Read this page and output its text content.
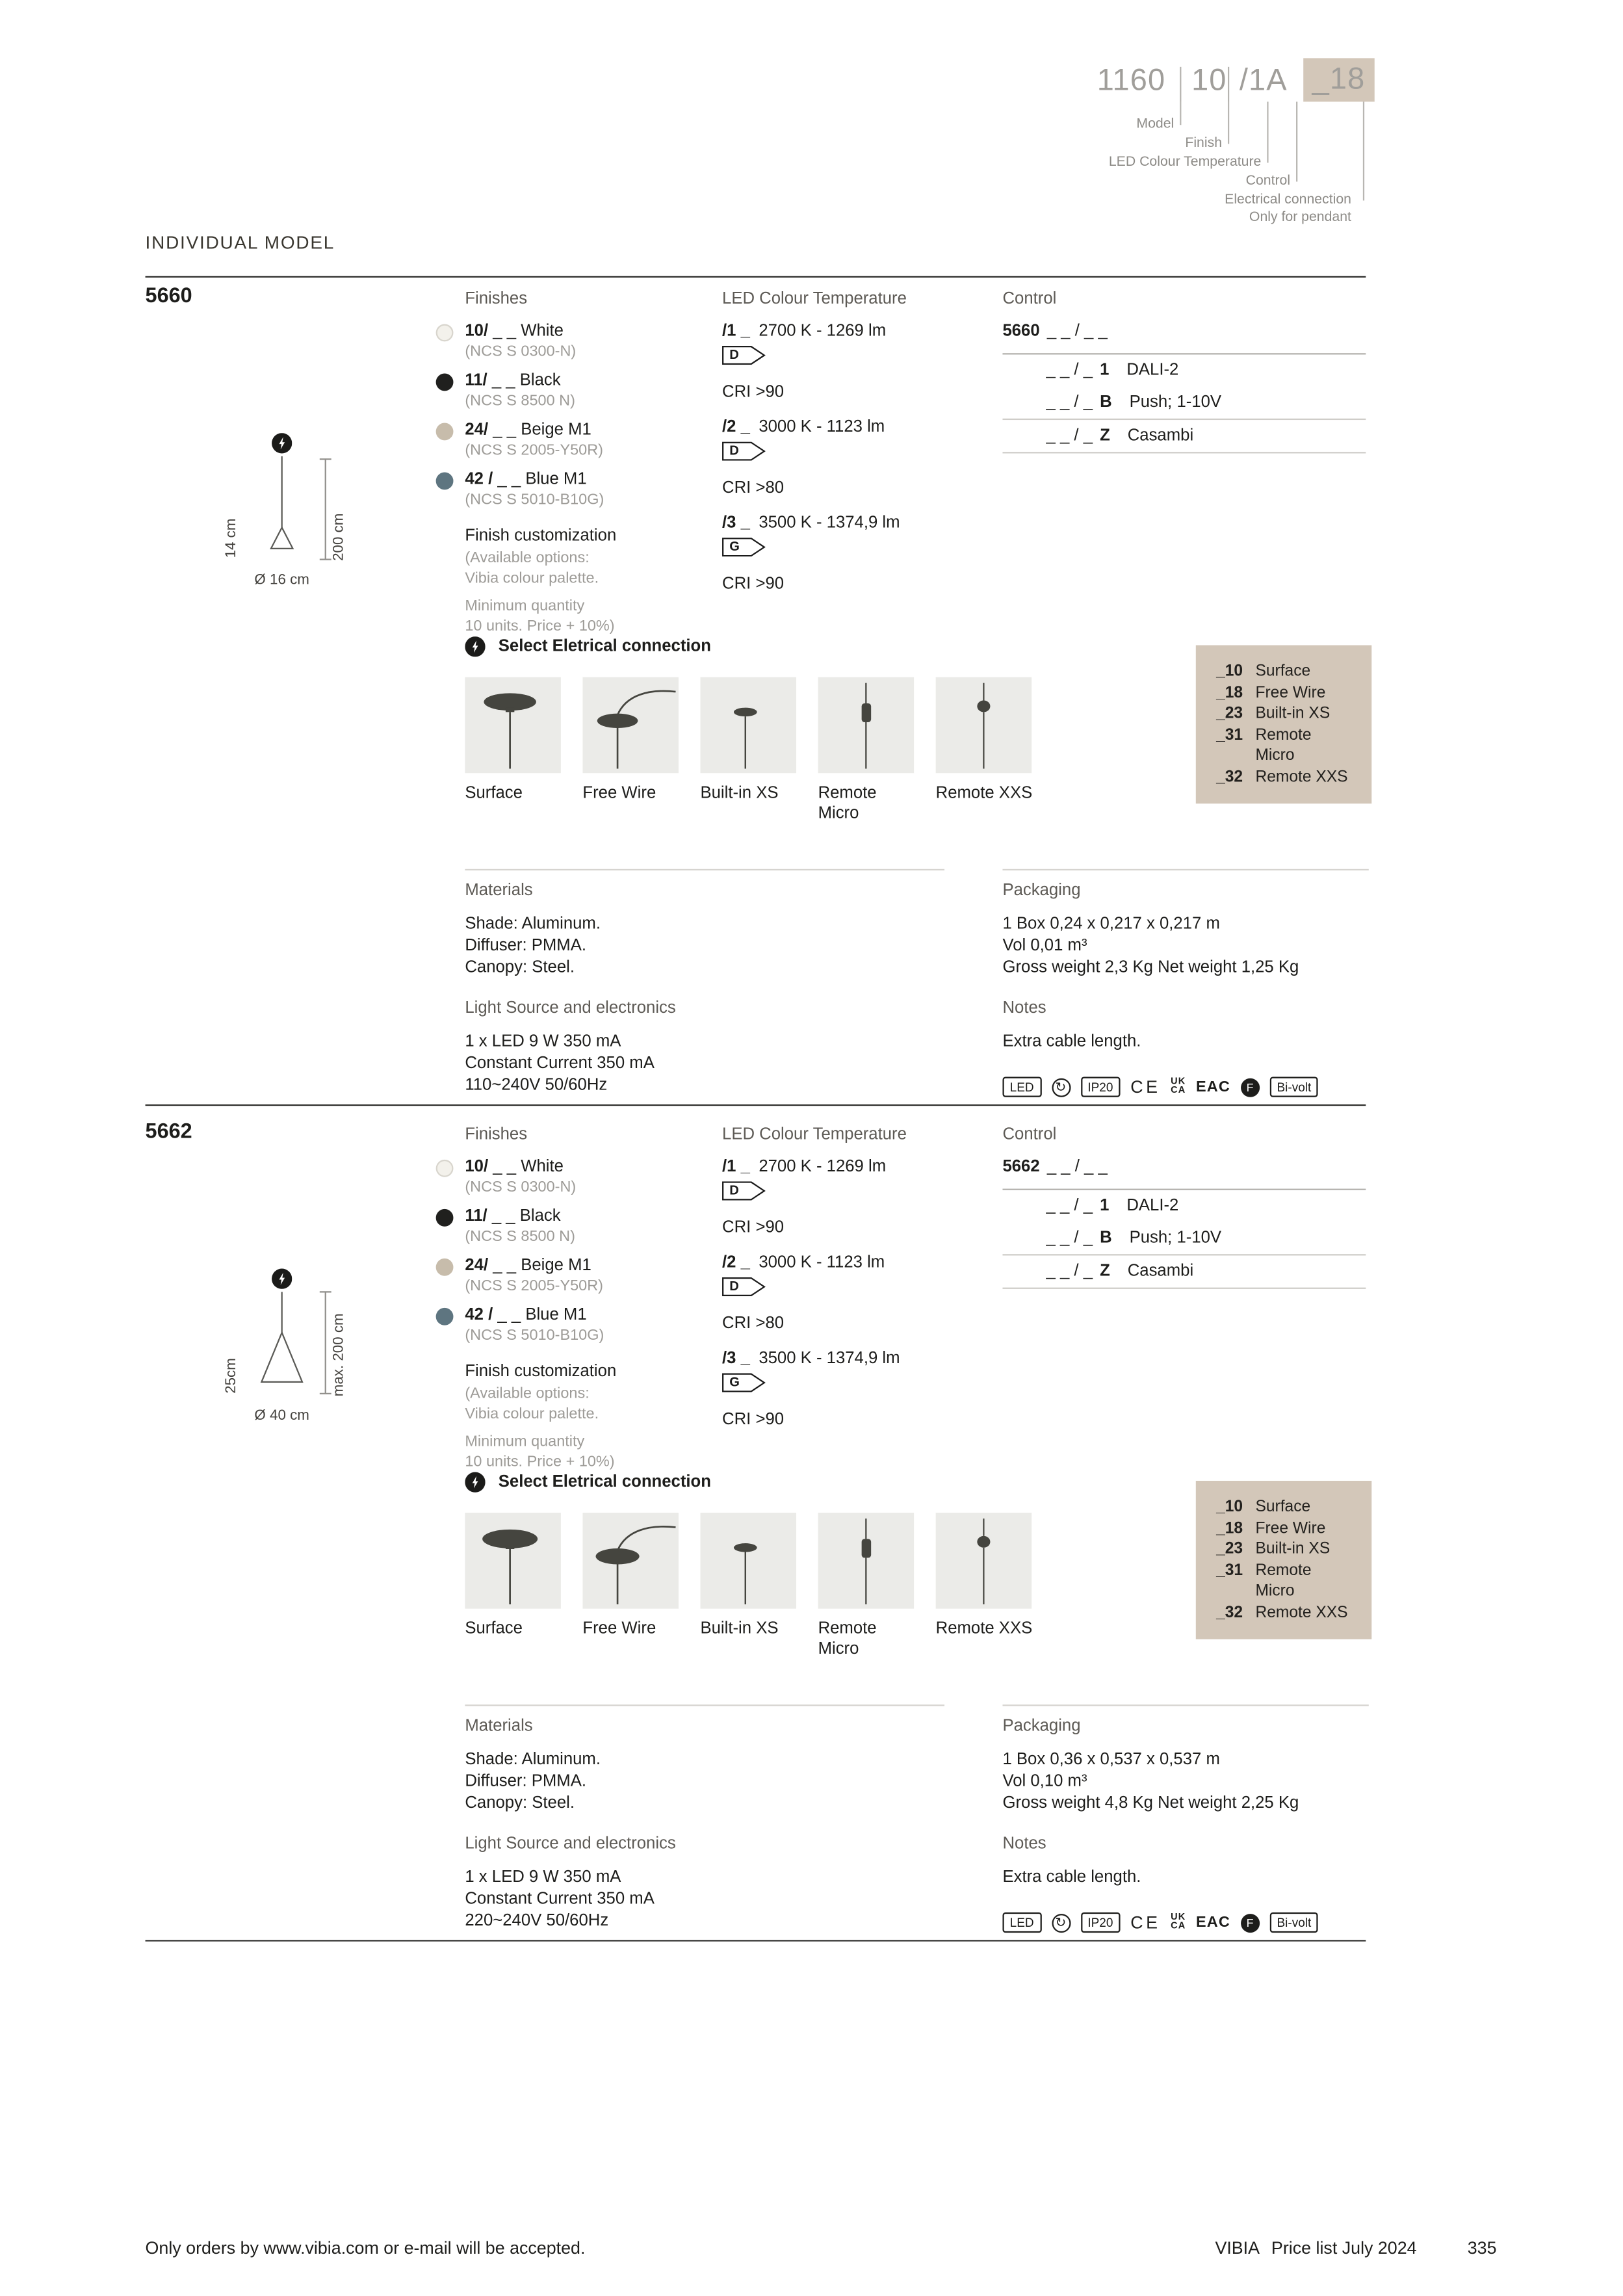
1160 10 /1A	_18
Model
Finish
LED Colour Temperature
Control
Electrical connection
Only for pendant
INDIVIDUAL MODEL
5660
200 cm
14 cm
Ø 16 cm
Finishes
10/ _ _ White
(NCS S 0300-N)
11/ _ _ Black
(NCS S 8500 N)
24/ _ _ Beige M1
(NCS S 2005-Y50R)
42 / _ _ Blue M1
(NCS S 5010-B10G)
Finish customization
(Available options:
Vibia colour palette.
Minimum quantity
10 units. Price + 10%)
LED Colour Temperature
/1 _ 2700 K - 1269 lm
D
CRI >90
/2 _ 3000 K - 1123 lm
D
CRI >80
/3 _ 3500 K - 1374,9 lm
G
CRI >90
Control
5660 _ _ / _ _
_ _ / _ 1 DALI-2
_ _ / _ B Push; 1-10V
_ _ / _ Z Casambi
Select Eletrical connection
Surface	Free Wire	Built-in XS	Remote Micro
Remote XXS
_10	Surface
_18	Free Wire
_23	Built-in XS
_31	Remote Micro
_32	Remote XXS
Materials
Shade: Aluminum.
Diffuser: PMMA.
Canopy: Steel.
Light Source and electronics
1 x LED 9 W 350 mA
Constant Current 350 mA
110~240V 50/60Hz
Packaging
1 Box 0,24 x 0,217 x 0,217 m
Vol 0,01 m³
Gross weight 2,3 Kg Net weight 1,25 Kg
Notes
Extra cable length.
LED	↻	IP20	CE UK
CA EAC	F	Bi-volt
5662
max. 200 cm
25cm
Ø 40 cm
Finishes
10/ _ _ White
(NCS S 0300-N)
11/ _ _ Black
(NCS S 8500 N)
24/ _ _ Beige M1
(NCS S 2005-Y50R)
42 / _ _ Blue M1
(NCS S 5010-B10G)
Finish customization
(Available options:
Vibia colour palette.
Minimum quantity
10 units. Price + 10%)
LED Colour Temperature
/1 _ 2700 K - 1269 lm
D
CRI >90
/2 _ 3000 K - 1123 lm
D
CRI >80
/3 _ 3500 K - 1374,9 lm
G
CRI >90
Control
5662 _ _ / _ _
_ _ / _ 1 DALI-2
_ _ / _ B Push; 1-10V
_ _ / _ Z Casambi
Select Eletrical connection
Surface	Free Wire	Built-in XS	Remote Micro
Remote XXS
_10	Surface
_18	Free Wire
_23	Built-in XS
_31	Remote Micro
_32	Remote XXS
Materials
Shade: Aluminum.
Diffuser: PMMA.
Canopy: Steel.
Light Source and electronics
1 x LED 9 W 350 mA
Constant Current 350 mA
220~240V 50/60Hz
Packaging
1 Box 0,36 x 0,537 x 0,537 m
Vol 0,10 m³
Gross weight 4,8 Kg Net weight 2,25 Kg
Notes
Extra cable length.
LED	↻	IP20	CE UK
CA EAC	F	Bi-volt
Only orders by www.vibia.com or e-mail will be accepted.	VIBIA Price list July 2024	335
